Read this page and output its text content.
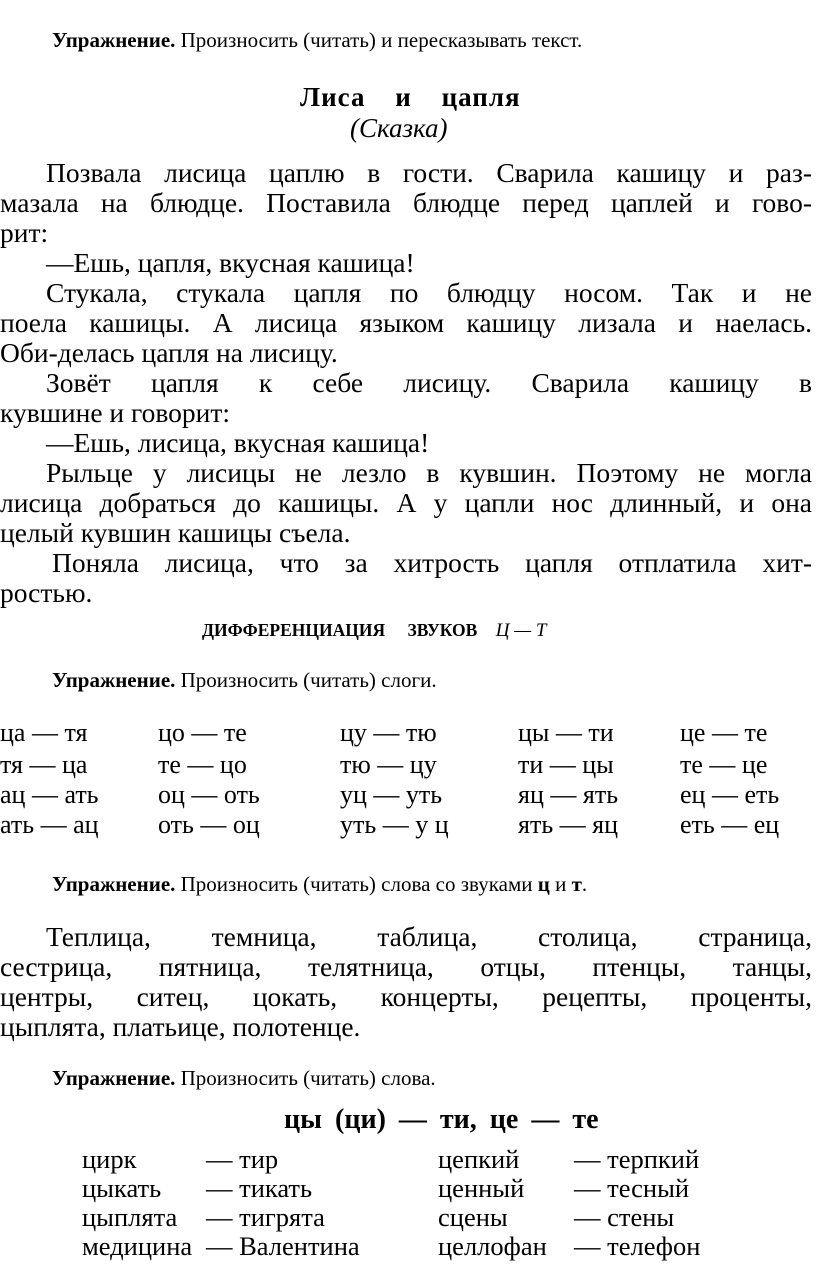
Упражнение. Произносить (читать) и пересказывать текст.
Лиса и цапля
(Сказка)
Позвала лисица цаплю в гости. Сварила кашицу и раз-
мазала на блюдце. Поставила блюдце перед цаплей и гово-
рит:
—Ешь, цапля, вкусная кашица!
Стукала, стукала цапля по блюдцу носом. Так и не
поела кашицы. А лисица языком кашицу лизала и наелась.
Оби-делась цапля на лисицу.
Зовёт цапля к себе лисицу. Сварила кашицу в
кувшине и говорит:
—Ешь, лисица, вкусная кашица!
Рыльце у лисицы не лезло в кувшин. Поэтому не могла
лисица добраться до кашицы. А у цапли нос длинный, и она
целый кувшин кашицы съела.
Поняла лисица, что за хитрость цапля отплатила хит-
ростью.
ДИФФЕРЕНЦИАЦИЯ ЗВУКОВ Ц — Т
Упражнение. Произносить (читать) слоги.
ца — тя	цо — те	цу — тю	цы — ти	це — те
тя — ца	те — цо	тю — цу	ти — цы	те — це
ац — ать оц — оть	уц — уть	яц — ять ец — еть
ать — ац оть — оц	уть — у ц	ять — яц еть — ец
Упражнение. Произносить (читать) слова со звуками ц и т.
Теплица, темница, таблица, столица, страница,
сестрица, пятница, телятница, отцы, птенцы, танцы,
центры, ситец, цокать, концерты, рецепты, проценты,
цыплята, платьице, полотенце.
Упражнение. Произносить (читать) слова.
цы (ци) — ти, це — те
цирк	— тир	цепкий — терпкий
цыкать — тикать	ценный — тесный
цыплята — тигрята	сцены	— стены
медицина — Валентина	целлофан — телефон
